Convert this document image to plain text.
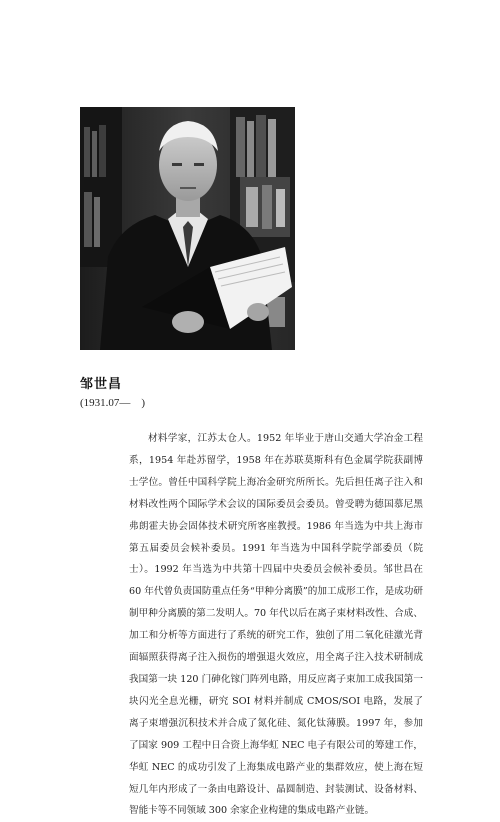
邹世昌
(1931.07—　)

材料学家，江苏太仓人。1952 年毕业于唐山交通大学冶金工程系，1954 年赴苏留学，1958 年在苏联莫斯科有色金属学院获副博士学位。曾任中国科学院上海冶金研究所所长。先后担任离子注入和材料改性两个国际学术会议的国际委员会委员。曾受聘为德国慕尼黑弗朗霍夫协会固体技术研究所客座教授。1986 年当选为中共上海市第五届委员会候补委员。1991 年当选为中国科学院学部委员（院士）。1992 年当选为中共第十四届中央委员会候补委员。邹世昌在 60 年代曾负责国防重点任务“甲种分离膜”的加工成形工作，是成功研制甲种分离膜的第二发明人。70 年代以后在离子束材料改性、合成、加工和分析等方面进行了系统的研究工作，独创了用二氧化硅激光背面辐照获得离子注入损伤的增强退火效应，用全离子注入技术研制成我国第一块 120 门砷化镓门阵列电路，用反应离子束加工成我国第一块闪光全息光栅，研究 SOI 材料并制成 CMOS/SOI 电路，发展了离子束增强沉积技术并合成了氮化硅、氮化钛薄膜。1997 年，参加了国家 909 工程中日合资上海华虹 NEC 电子有限公司的筹建工作，华虹 NEC 的成功引发了上海集成电路产业的集群效应，使上海在短短几年内形成了一条由电路设计、晶圆制造、封装测试、设备材料、智能卡等不同领域 300 余家企业构建的集成电路产业链。
